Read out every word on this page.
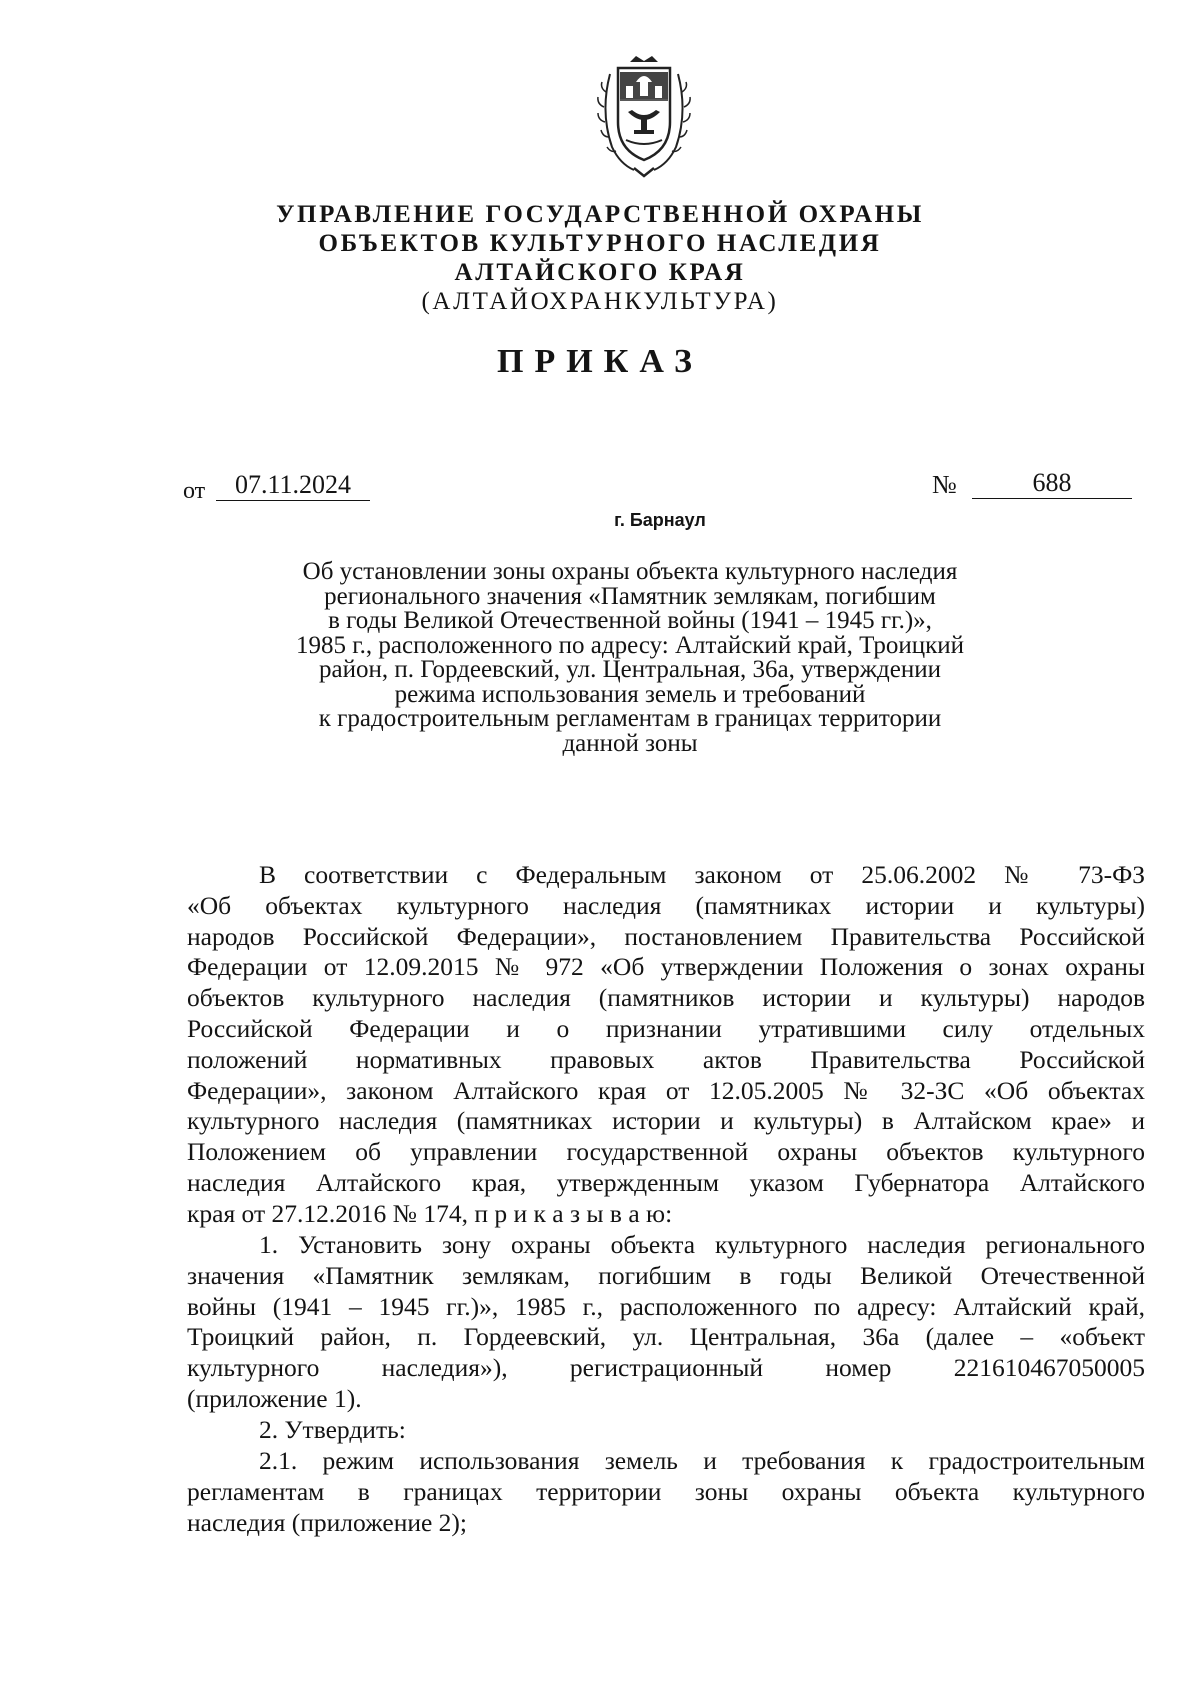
УПРАВЛЕНИЕ ГОСУДАРСТВЕННОЙ ОХРАНЫ
ОБЪЕКТОВ КУЛЬТУРНОГО НАСЛЕДИЯ
АЛТАЙСКОГО КРАЯ
(АЛТАЙОХРАНКУЛЬТУРА)
ПРИКАЗ
от	07.11.2024	№	688
г. Барнаул
Об установлении зоны охраны объекта культурного наследия
регионального значения «Памятник землякам, погибшим
в годы Великой Отечественной войны (1941 – 1945 гг.)»,
1985 г., расположенного по адресу: Алтайский край, Троицкий
район, п. Гордеевский, ул. Центральная, 36а, утверждении
режима использования земель и требований
к градостроительным регламентам в границах территории
данной зоны
В соответствии с Федеральным законом от 25.06.2002 № 73-ФЗ
«Об объектах культурного наследия (памятниках истории и культуры)
народов Российской Федерации», постановлением Правительства Российской
Федерации от 12.09.2015 № 972 «Об утверждении Положения о зонах охраны
объектов культурного наследия (памятников истории и культуры) народов
Российской Федерации и о признании утратившими силу отдельных
положений нормативных правовых актов Правительства Российской
Федерации», законом Алтайского края от 12.05.2005 № 32-ЗС «Об объектах
культурного наследия (памятниках истории и культуры) в Алтайском крае» и
Положением об управлении государственной охраны объектов культурного
наследия Алтайского края, утвержденным указом Губернатора Алтайского
края от 27.12.2016 № 174, п р и к а з ы в а ю:
1. Установить зону охраны объекта культурного наследия регионального
значения «Памятник землякам, погибшим в годы Великой Отечественной
войны (1941 – 1945 гг.)», 1985 г., расположенного по адресу: Алтайский край,
Троицкий район, п. Гордеевский, ул. Центральная, 36а (далее – «объект
культурного наследия»), регистрационный номер 221610467050005
(приложение 1).
2. Утвердить:
2.1. режим использования земель и требования к градостроительным
регламентам в границах территории зоны охраны объекта культурного
наследия (приложение 2);
